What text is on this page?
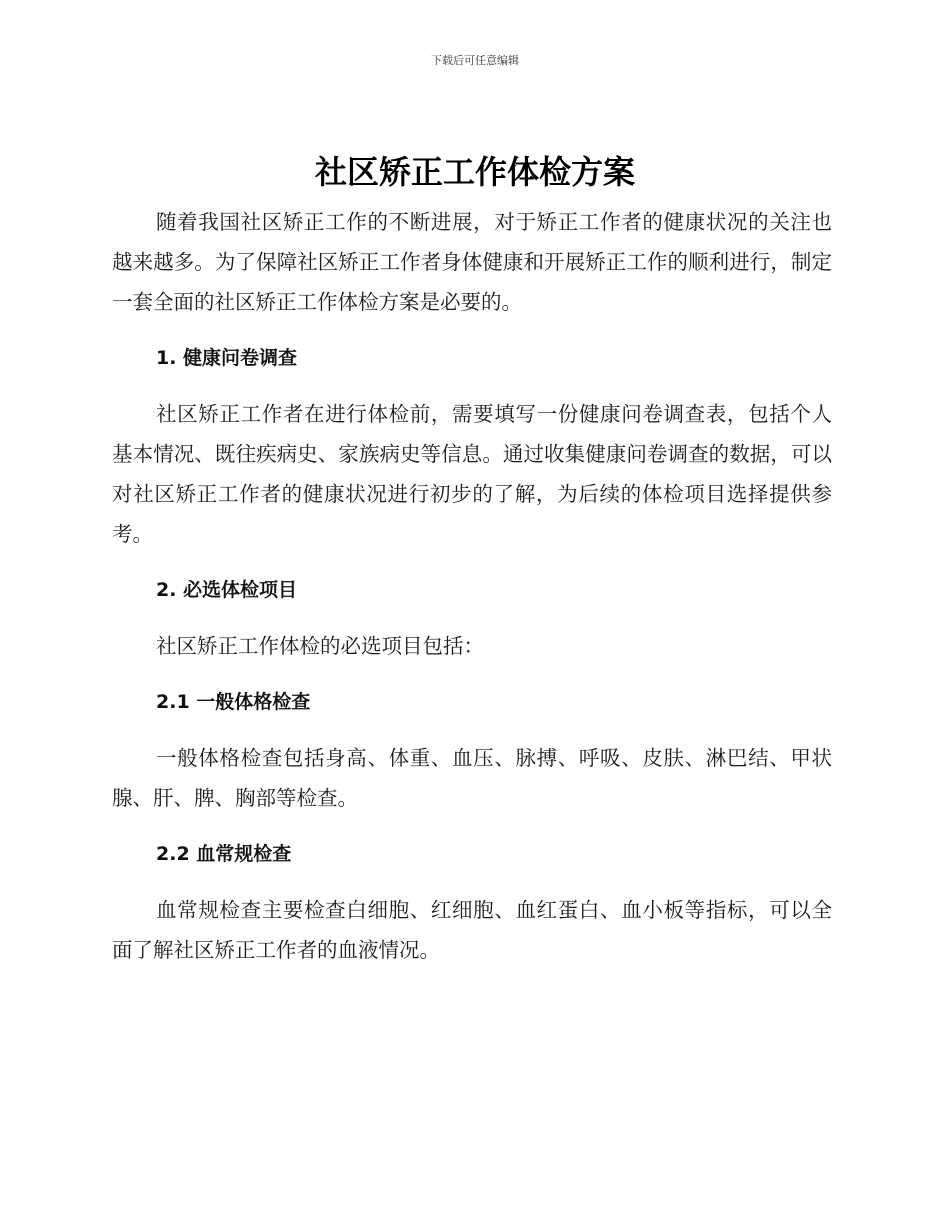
下载后可任意编辑
社区矫正工作体检方案

随着我国社区矫正工作的不断进展，对于矫正工作者的健康状况的关注也越来越多。为了保障社区矫正工作者身体健康和开展矫正工作的顺利进行，制定一套全面的社区矫正工作体检方案是必要的。

1. 健康问卷调查

社区矫正工作者在进行体检前，需要填写一份健康问卷调查表，包括个人基本情况、既往疾病史、家族病史等信息。通过收集健康问卷调查的数据，可以对社区矫正工作者的健康状况进行初步的了解，为后续的体检项目选择提供参考。

2. 必选体检项目

社区矫正工作体检的必选项目包括：

2.1 一般体格检查

一般体格检查包括身高、体重、血压、脉搏、呼吸、皮肤、淋巴结、甲状腺、肝、脾、胸部等检查。

2.2 血常规检查

血常规检查主要检查白细胞、红细胞、血红蛋白、血小板等指标，可以全面了解社区矫正工作者的血液情况。
